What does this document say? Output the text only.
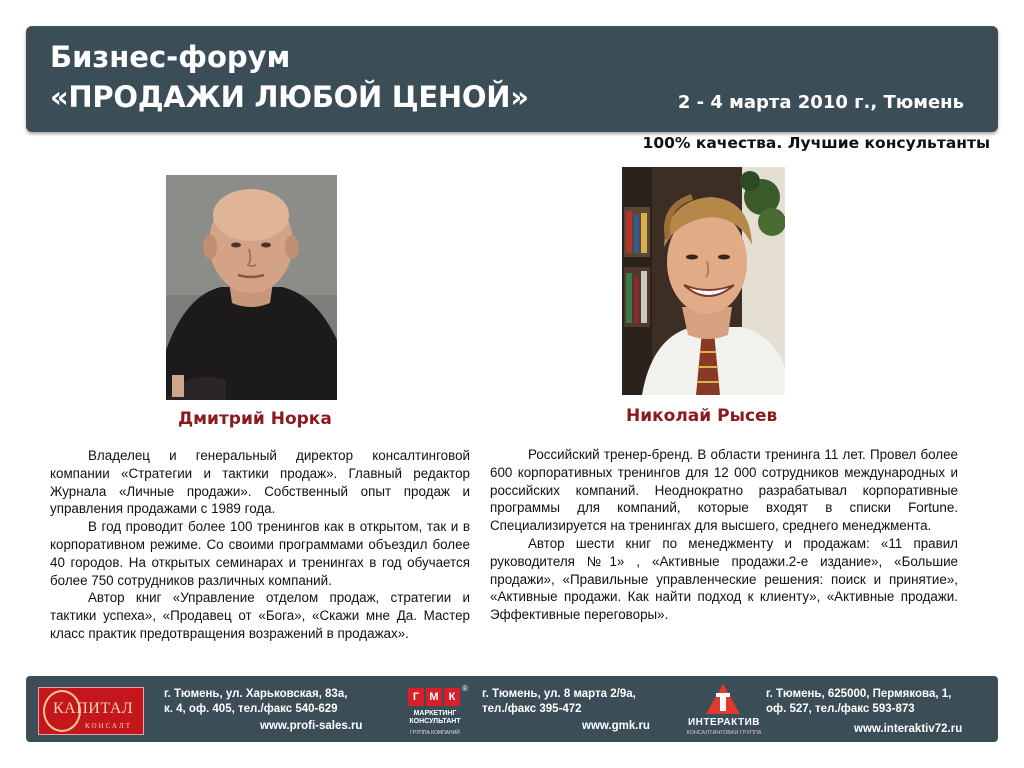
Бизнес-форум
«ПРОДАЖИ ЛЮБОЙ ЦЕНОЙ»	2 - 4 марта 2010 г., Тюмень
100% качества. Лучшие консультанты
Дмитрий Норка	Николай Рысев

Владелец и генеральный директор консалтинговой компании «Стратегии и тактики продаж». Главный редактор Журнала «Личные продажи». Собственный опыт продаж и управления продажами с 1989 года.

В год проводит более 100 тренингов как в открытом, так и в корпоративном режиме. Со своими программами объездил более 40 городов. На открытых семинарах и тренингах в год обучается более 750 сотрудников различных компаний.

Автор книг «Управление отделом продаж, стратегии и тактики успеха», «Продавец от «Бога», «Скажи мне Да. Мастер класс практик предотвращения возражений в продажах».

Российский тренер-бренд. В области тренинга 11 лет. Провел более 600 корпоративных тренингов для 12 000 сотрудников международных и российских компаний. Неоднократно разрабатывал корпоративные программы для компаний, которые входят в списки Fortune. Специализируется на тренингах для высшего, среднего менеджмента.

Автор шести книг по менеджменту и продажам: «11 правил руководителя №1» , «Активные продажи.2-е издание», «Большие продажи», «Правильные управленческие решения: поиск и принятие», «Активные продажи. Как найти подход к клиенту», «Активные продажи. Эффективные переговоры».

КАПИТАЛ
КОНСАЛТ
г. Тюмень, ул. Харьковская, 83а,
к. 4, оф. 405, тел./факс 540-629
www.profi-sales.ru
Г М К
®
МАРКЕТИНГ КОНСУЛЬТАНТ
ГРУППА КОМПАНИЙ
г. Тюмень, ул. 8 марта 2/9а,
тел./факс 395-472
www.gmk.ru	ИНТЕРАКТИВ
КОНСАЛТИНГОВАЯ ГРУППА
г. Тюмень, 625000, Пермякова, 1,
оф. 527, тел./факс 593-873
www.interaktiv72.ru
